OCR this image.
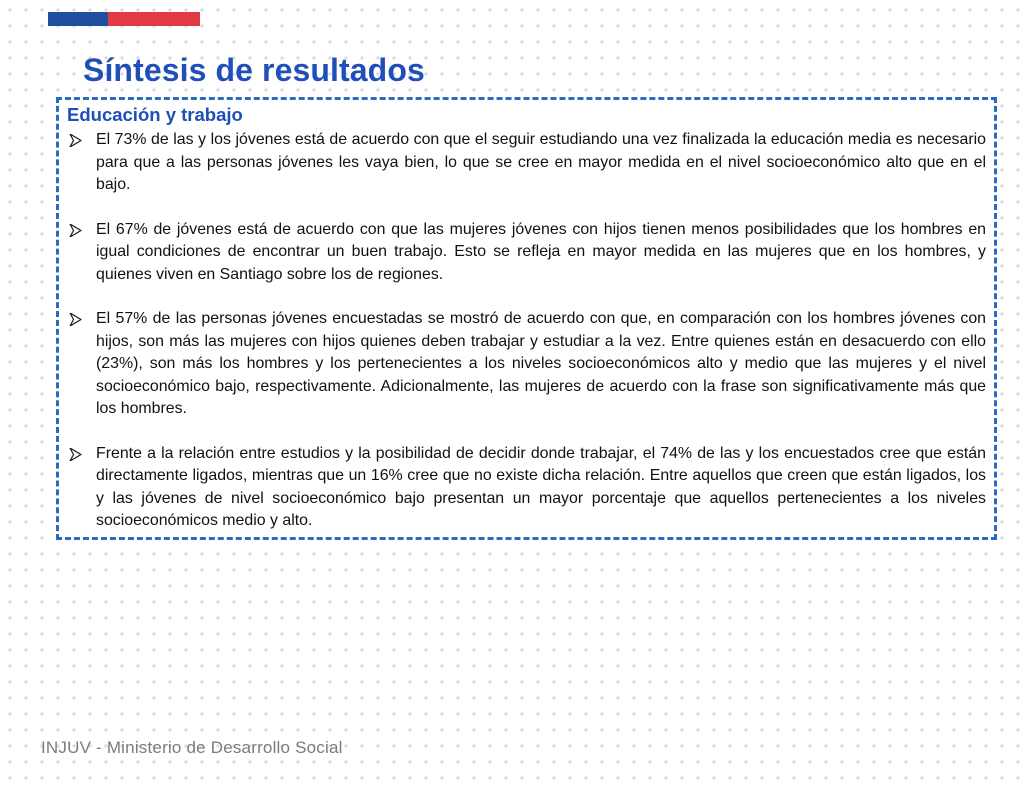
Síntesis de resultados
Educación y trabajo
El 73% de las y los jóvenes está de acuerdo con que el seguir estudiando una vez finalizada la educación media es necesario para que a las personas jóvenes les vaya bien, lo que se cree en mayor medida en el nivel socioeconómico alto que en el bajo.
El 67% de jóvenes está de acuerdo con que las mujeres jóvenes con hijos tienen menos posibilidades que los hombres en igual condiciones de encontrar un buen trabajo. Esto se refleja en mayor medida en las mujeres que en los hombres, y quienes viven en Santiago sobre los de regiones.
El 57% de las personas jóvenes encuestadas se mostró de acuerdo con que, en comparación con los hombres jóvenes con hijos, son más las mujeres con hijos quienes deben trabajar y estudiar a la vez. Entre quienes están en desacuerdo con ello (23%), son más los hombres y los pertenecientes a los niveles socioeconómicos alto y medio que las mujeres y el nivel socioeconómico bajo, respectivamente. Adicionalmente, las mujeres de acuerdo con la frase son significativamente más que los hombres.
Frente a la relación entre estudios y la posibilidad de decidir donde trabajar, el 74% de las y los encuestados cree que están directamente ligados, mientras que un 16% cree que no existe dicha relación. Entre aquellos que creen que están ligados, los y las jóvenes de nivel socioeconómico bajo presentan un mayor porcentaje que aquellos pertenecientes a los niveles socioeconómicos medio y alto.
INJUV - Ministerio de Desarrollo Social
